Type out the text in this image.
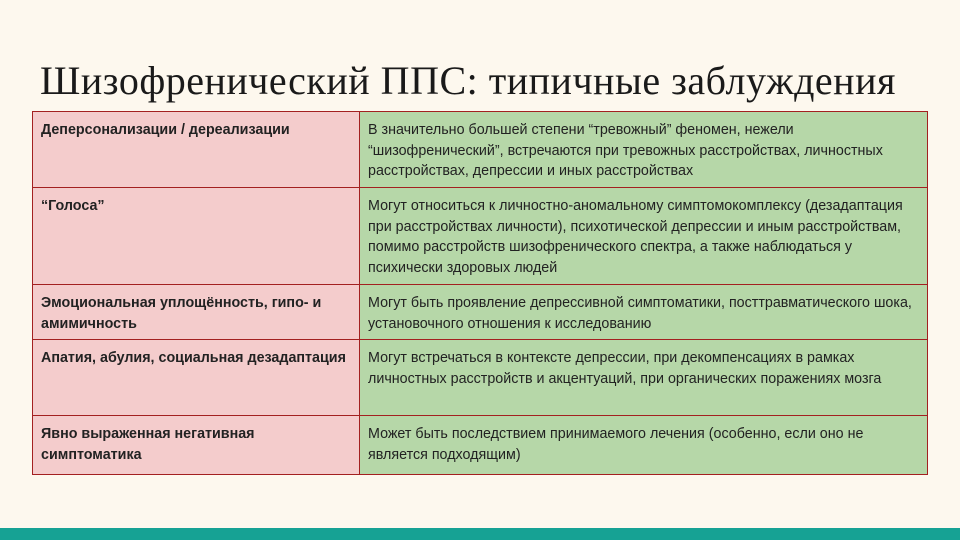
Шизофренический ППС: типичные заблуждения
Деперсонализации / дереализации	В значительно большей степени “тревожный” феномен, нежели “шизофренический”, встречаются при тревожных расстройствах, личностных расстройствах, депрессии и иных расстройствах
“Голоса”	Могут относиться к личностно-аномальному симптомокомплексу (дезадаптация при расстройствах личности), психотической депрессии и иным расстройствам, помимо расстройств шизофренического спектра, а также наблюдаться у психически здоровых людей
Эмоциональная уплощённость, гипо- и амимичность	Могут быть проявление депрессивной симптоматики, посттравматического шока, установочного отношения к исследованию
Апатия, абулия, социальная дезадаптация	Могут встречаться в контексте депрессии, при декомпенсациях в рамках личностных расстройств и акцентуаций, при органических поражениях мозга
Явно выраженная негативная симптоматика	Может быть последствием принимаемого лечения (особенно, если оно не является подходящим)
